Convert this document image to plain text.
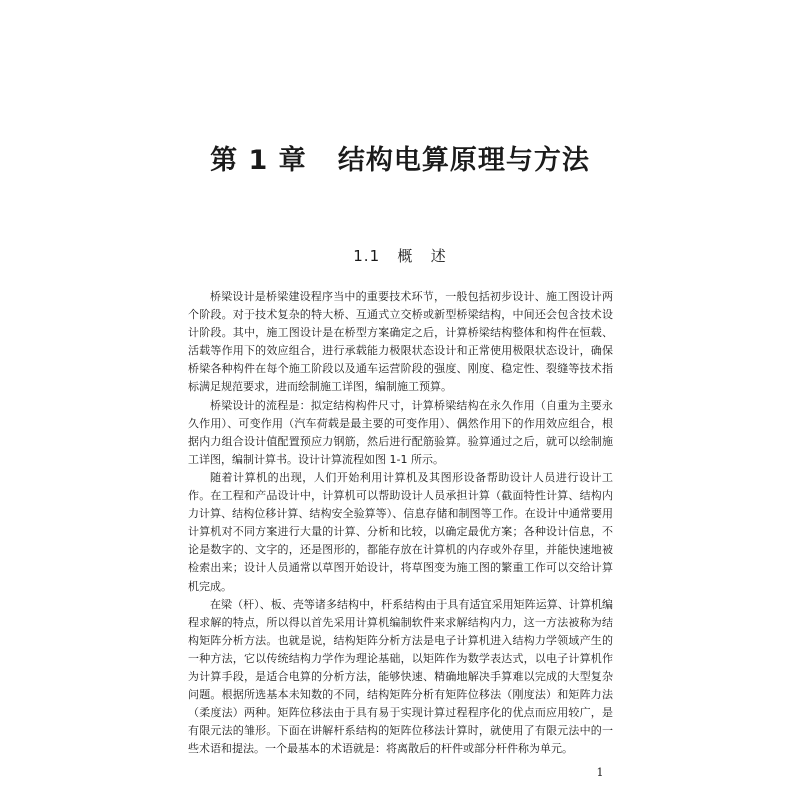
第 1 章   结构电算原理与方法
1.1   概   述

桥梁设计是桥梁建设程序当中的重要技术环节，一般包括初步设计、施工图设计两个阶段。对于技术复杂的特大桥、互通式立交桥或新型桥梁结构，中间还会包含技术设计阶段。其中，施工图设计是在桥型方案确定之后，计算桥梁结构整体和构件在恒载、活载等作用下的效应组合，进行承载能力极限状态设计和正常使用极限状态设计，确保桥梁各种构件在每个施工阶段以及通车运营阶段的强度、刚度、稳定性、裂缝等技术指标满足规范要求，进而绘制施工详图，编制施工预算。

桥梁设计的流程是：拟定结构构件尺寸，计算桥梁结构在永久作用（自重为主要永久作用）、可变作用（汽车荷载是最主要的可变作用）、偶然作用下的作用效应组合，根据内力组合设计值配置预应力钢筋，然后进行配筋验算。验算通过之后，就可以绘制施工详图，编制计算书。设计计算流程如图 1-1 所示。

随着计算机的出现，人们开始利用计算机及其图形设备帮助设计人员进行设计工作。在工程和产品设计中，计算机可以帮助设计人员承担计算（截面特性计算、结构内力计算、结构位移计算、结构安全验算等）、信息存储和制图等工作。在设计中通常要用计算机对不同方案进行大量的计算、分析和比较，以确定最优方案；各种设计信息，不论是数字的、文字的，还是图形的，都能存放在计算机的内存或外存里，并能快速地被检索出来；设计人员通常以草图开始设计，将草图变为施工图的繁重工作可以交给计算机完成。

在梁（杆）、板、壳等诸多结构中，杆系结构由于具有适宜采用矩阵运算、计算机编程求解的特点，所以得以首先采用计算机编制软件来求解结构内力，这一方法被称为结构矩阵分析方法。也就是说，结构矩阵分析方法是电子计算机进入结构力学领域产生的一种方法，它以传统结构力学作为理论基础，以矩阵作为数学表达式，以电子计算机作为计算手段，是适合电算的分析方法，能够快速、精确地解决手算难以完成的大型复杂问题。根据所选基本未知数的不同，结构矩阵分析有矩阵位移法（刚度法）和矩阵力法（柔度法）两种。矩阵位移法由于具有易于实现计算过程程序化的优点而应用较广，是有限元法的雏形。下面在讲解杆系结构的矩阵位移法计算时，就使用了有限元法中的一些术语和提法。一个最基本的术语就是：将离散后的杆件或部分杆件称为单元。

1
